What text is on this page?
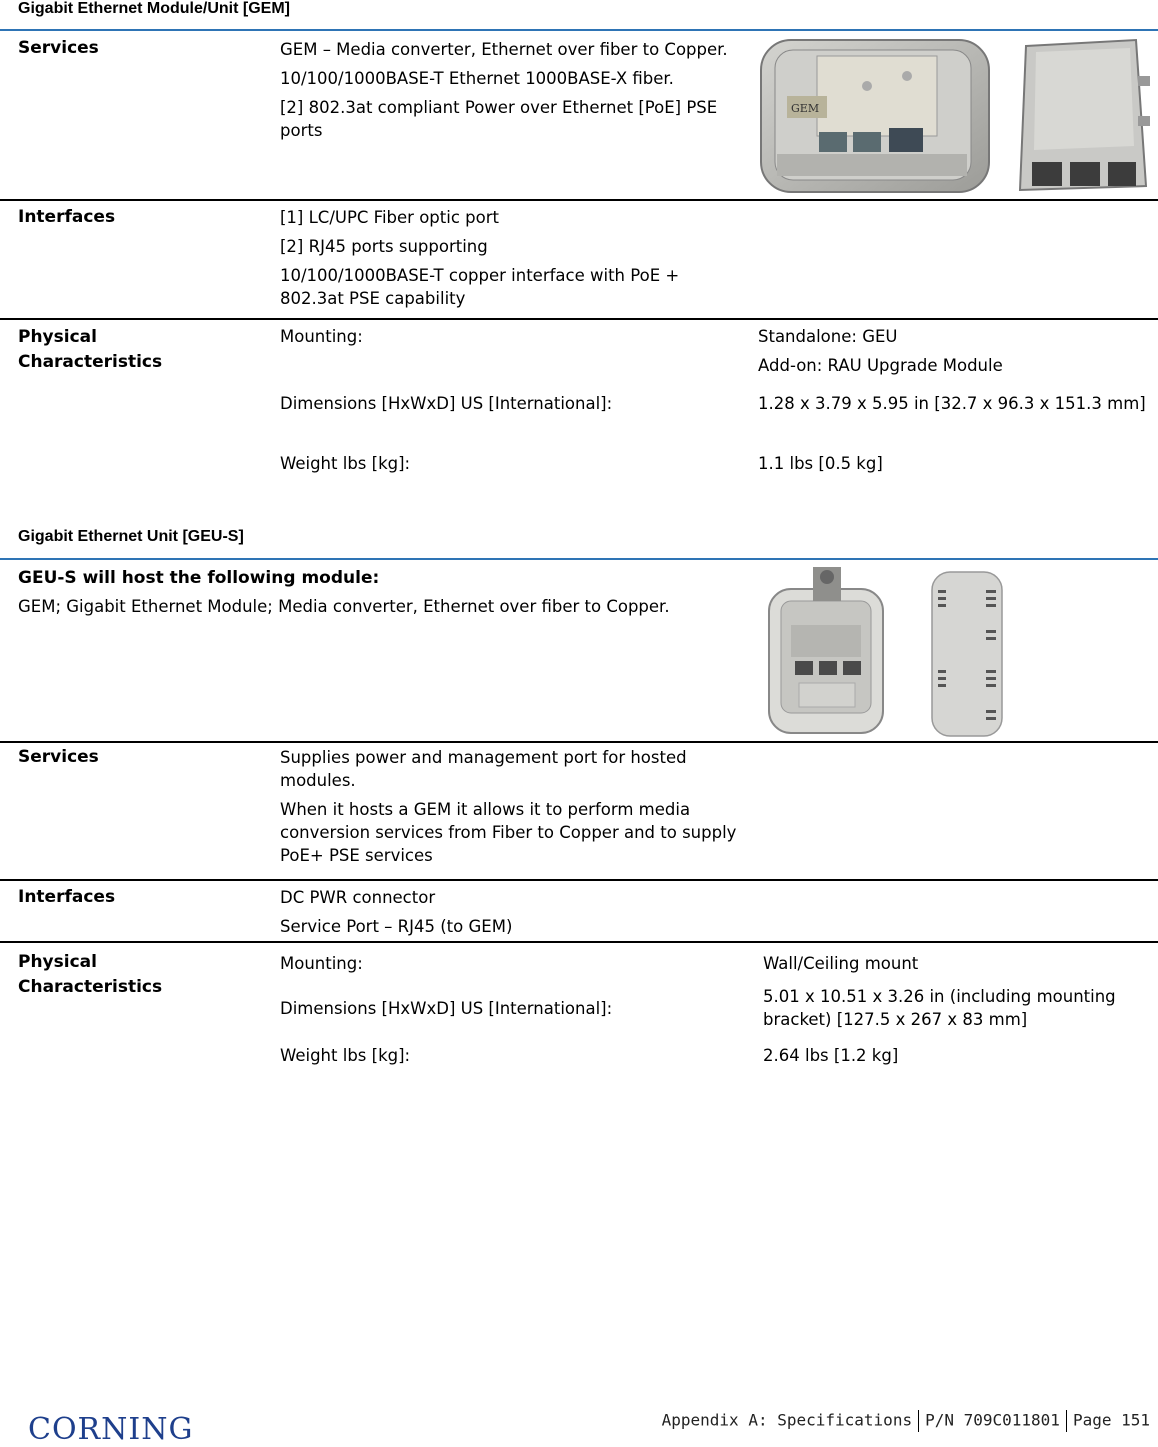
Gigabit Ethernet Module/Unit [GEM]
Services	GEM – Media converter, Ethernet over fiber to Copper.
10/100/1000BASE-T Ethernet 1000BASE-X fiber.
[2] 802.3at compliant Power over Ethernet [PoE] PSE ports
GEM
Interfaces	[1] LC/UPC Fiber optic port
[2] RJ45 ports supporting
10/100/1000BASE-T copper interface with PoE + 802.3at PSE capability
Physical Characteristics
Mounting:	Standalone: GEU
Add-on: RAU Upgrade Module
Dimensions [HxWxD] US [International]:	1.28 x 3.79 x 5.95 in [32.7 x 96.3 x 151.3 mm]
Weight lbs [kg]:	1.1 lbs [0.5 kg]
Gigabit Ethernet Unit [GEU-S]
GEU-S will host the following module:
GEM; Gigabit Ethernet Module; Media converter, Ethernet over fiber to Copper.
Services	Supplies power and management port for hosted modules.
When it hosts a GEM it allows it to perform media conversion services from Fiber to Copper and to supply PoE+ PSE services
Interfaces	DC PWR connector
Service Port – RJ45 (to GEM)
Physical Characteristics
Mounting:	Wall/Ceiling mount
Dimensions [HxWxD] US [International]:
5.01 x 10.51 x 3.26 in (including mounting bracket) [127.5 x 267 x 83 mm]
Weight lbs [kg]:	2.64 lbs [1.2 kg]
CORNING	Appendix A: Specifications P/N 709C011801 Page 151
